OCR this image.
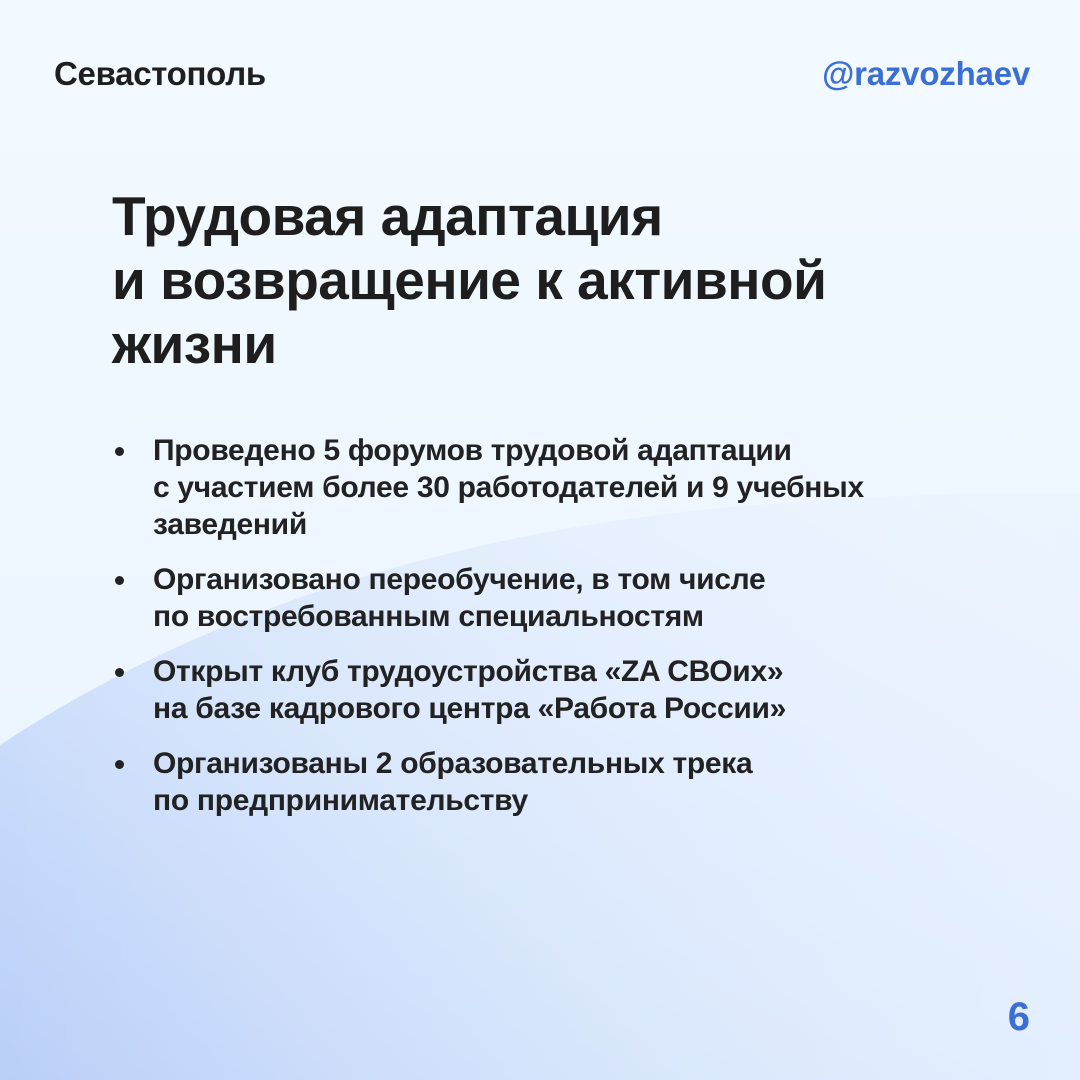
Севастополь	@razvozhaev
Трудовая адаптация
и возвращение к активной
жизни
Проведено 5 форумов трудовой адаптации
с участием более 30 работодателей и 9 учебных
заведений
Организовано переобучение, в том числе
по востребованным специальностям
Открыт клуб трудоустройства «ZA СВОих»
на базе кадрового центра «Работа России»
Организованы 2 образовательных трека
по предпринимательству
6
